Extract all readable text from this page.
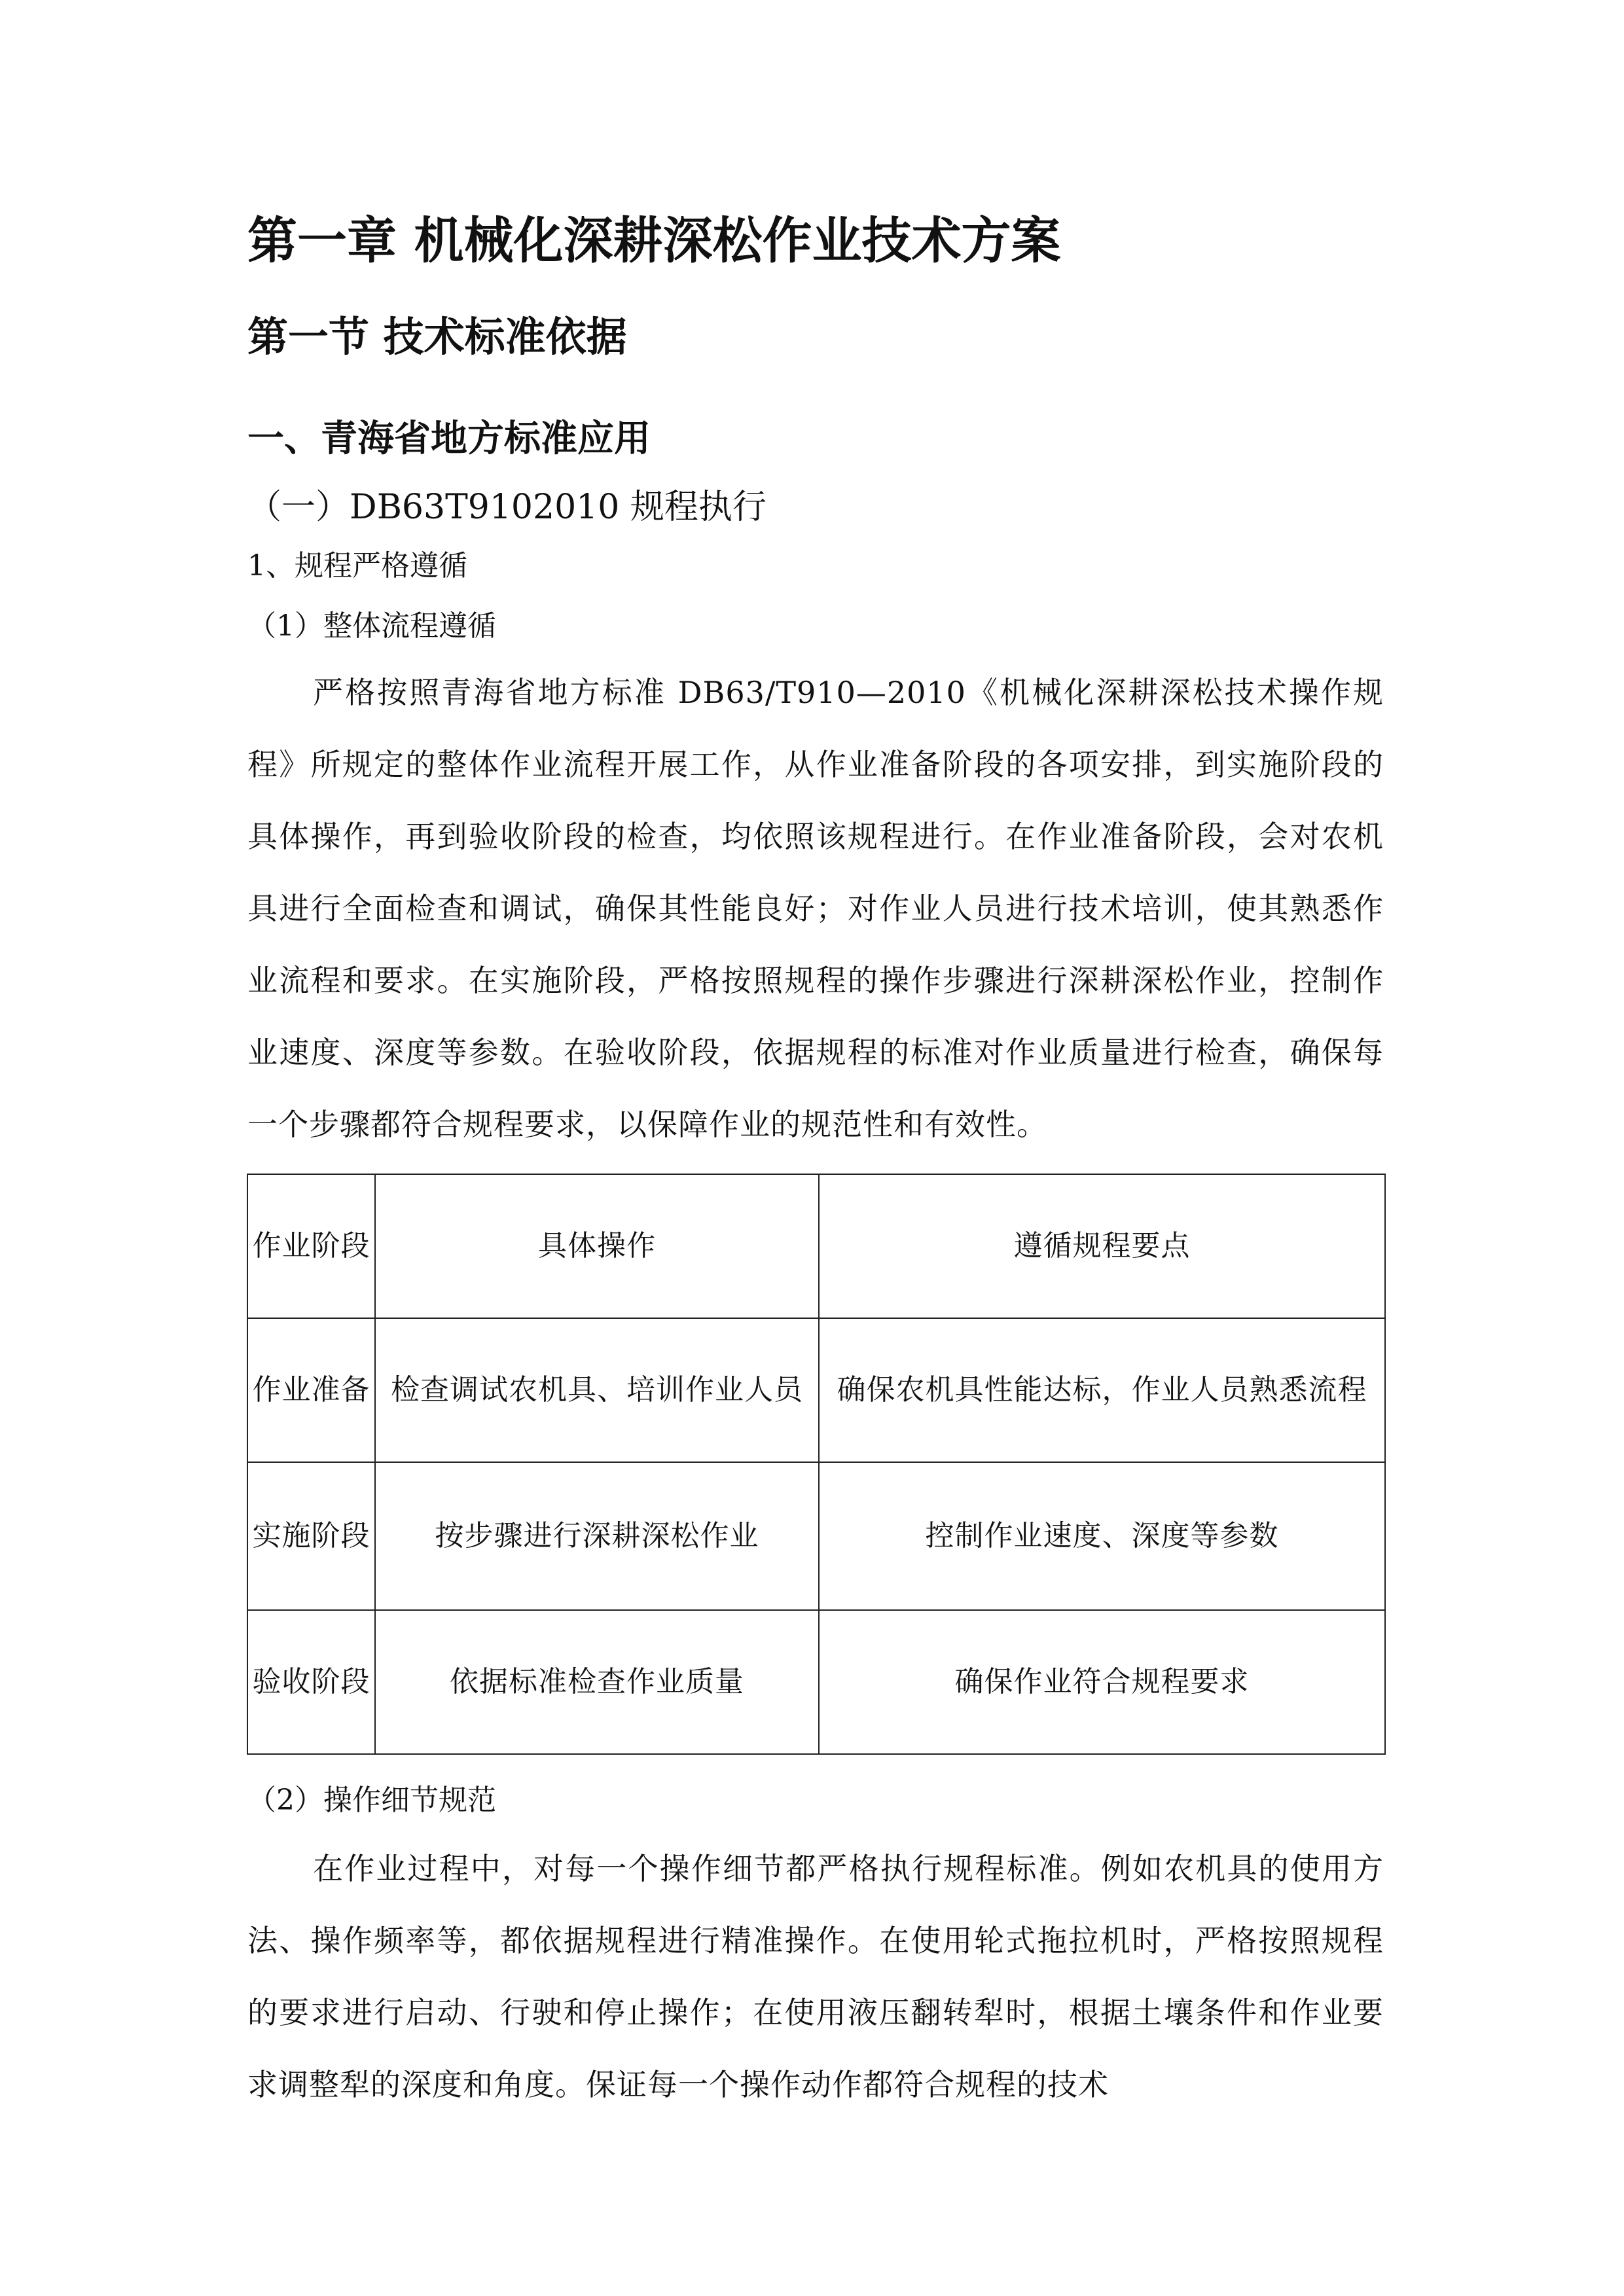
第一章 机械化深耕深松作业技术方案
第一节 技术标准依据
一、青海省地方标准应用

（一）DB63T9102010 规程执行

1、规程严格遵循

（1）整体流程遵循

严格按照青海省地方标准 DB63/T910—2010《机械化深耕深松技术操作规程》所规定的整体作业流程开展工作，从作业准备阶段的各项安排，到实施阶段的具体操作，再到验收阶段的检查，均依照该规程进行。在作业准备阶段，会对农机具进行全面检查和调试，确保其性能良好；对作业人员进行技术培训，使其熟悉作业流程和要求。在实施阶段，严格按照规程的操作步骤进行深耕深松作业，控制作业速度、深度等参数。在验收阶段，依据规程的标准对作业质量进行检查，确保每一个步骤都符合规程要求，以保障作业的规范性和有效性。

作业阶段	具体操作	遵循规程要点
作业准备	检查调试农机具、培训作业人员	确保农机具性能达标，作业人员熟悉流程
实施阶段	按步骤进行深耕深松作业	控制作业速度、深度等参数
验收阶段	依据标准检查作业质量	确保作业符合规程要求

（2）操作细节规范

在作业过程中，对每一个操作细节都严格执行规程标准。例如农机具的使用方法、操作频率等，都依据规程进行精准操作。在使用轮式拖拉机时，严格按照规程的要求进行启动、行驶和停止操作；在使用液压翻转犁时，根据土壤条件和作业要求调整犁的深度和角度。保证每一个操作动作都符合规程的技术
